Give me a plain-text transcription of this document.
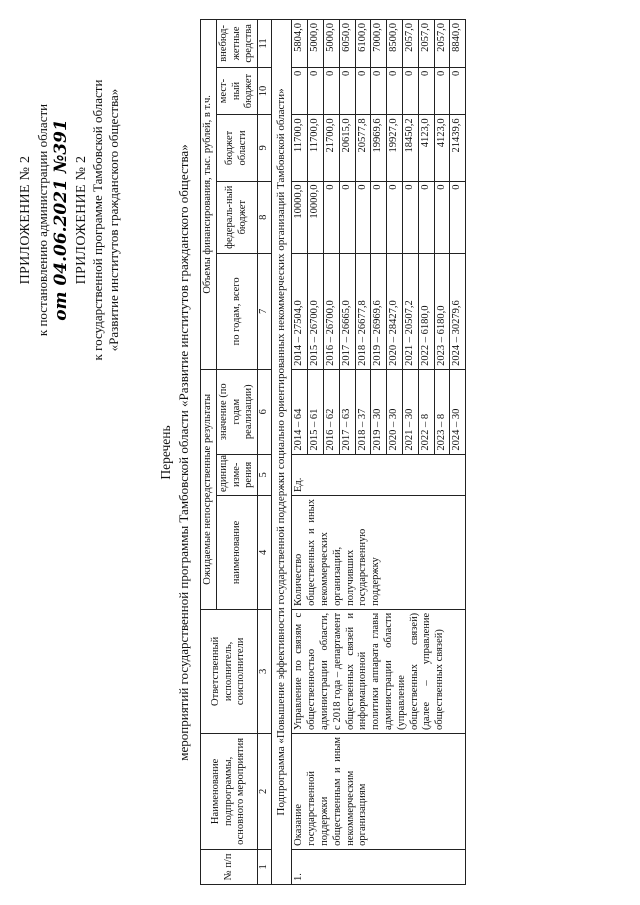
ПРИЛОЖЕНИЕ № 2 к постановлению администрации области от 04.06.2021 №391 ПРИЛОЖЕНИЕ № 2 к государственной программе Тамбовской области «Развитие институтов гражданского общества»
Перечень мероприятий государственной программы Тамбовской области «Развитие институтов гражданского общества»
№ п/п	Наименование подпрограммы, основного мероприятия	Ответственный исполнитель, соисполнители	Ожидаемые непосредственные результаты			Объемы финансирования, тыс. рублей, в т.ч.				
			наименование	единица изме-рения	значение (по годам реализации)	по годам, всего	федераль-ный бюджет	бюджет области	мест-ный бюджет	внебюд-жетные средства
1	2	3	4	5	6	7	8	9	10	11
Подпрограмма «Повышение эффективности государственной поддержки социально ориентированных некоммерческих организаций Тамбовской области»										
1.	Оказание государственной поддержки общественным и иным некоммерческим организациям	Управление по связям с общественностью администрации области, с 2018 года – департамент общественных связей и информационной политики аппарата главы администрации области (управление общественных связей) (далее – управление общественных связей)	Количество общественных и иных некоммерческих организаций, получивших государственную поддержку	Ед.	2014 – 64	2014 – 27504,0	10000,0	11700,0	0	5804,0
					2015 – 61	2015 – 26700,0	10000,0	11700,0	0	5000,0
					2016 – 62	2016 – 26700,0	0	21700,0	0	5000,0
					2017 – 63	2017 – 26665,0	0	20615,0	0	6050,0
					2018 – 37	2018 – 26677,8	0	20577,8	0	6100,0
					2019 – 30	2019 – 26969,6	0	19969,6	0	7000,0
					2020 – 30	2020 – 28427,0	0	19927,0	0	8500,0
					2021 – 30	2021 – 20507,2	0	18450,2	0	2057,0
					2022 – 8	2022 – 6180,0	0	4123,0	0	2057,0
					2023 – 8	2023 – 6180,0	0	4123,0	0	2057,0
					2024 – 30	2024 – 30279,6	0	21439,6	0	8840,0
